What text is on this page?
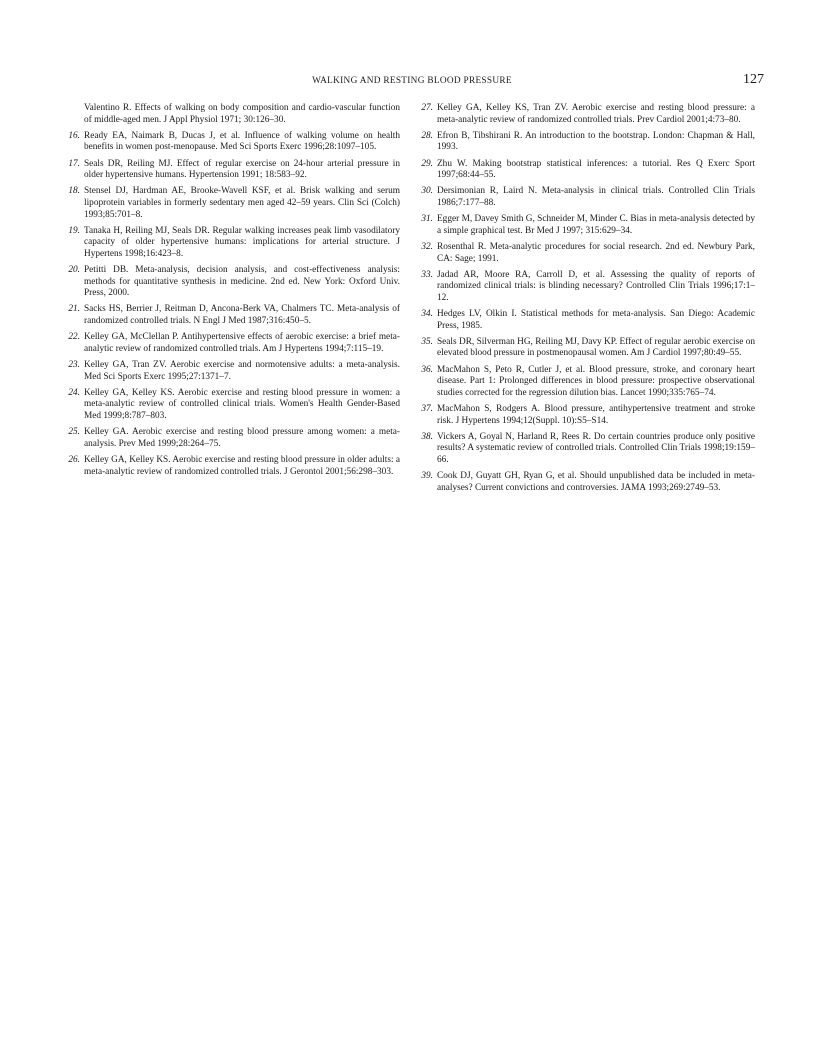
WALKING AND RESTING BLOOD PRESSURE	127
Valentino R. Effects of walking on body composition and cardio-vascular function of middle-aged men. J Appl Physiol 1971; 30:126–30.
16. Ready EA, Naimark B, Ducas J, et al. Influence of walking volume on health benefits in women post-menopause. Med Sci Sports Exerc 1996;28:1097–105.
17. Seals DR, Reiling MJ. Effect of regular exercise on 24-hour arterial pressure in older hypertensive humans. Hypertension 1991; 18:583–92.
18. Stensel DJ, Hardman AE, Brooke-Wavell KSF, et al. Brisk walking and serum lipoprotein variables in formerly sedentary men aged 42–59 years. Clin Sci (Colch) 1993;85:701–8.
19. Tanaka H, Reiling MJ, Seals DR. Regular walking increases peak limb vasodilatory capacity of older hypertensive humans: implications for arterial structure. J Hypertens 1998;16:423–8.
20. Petitti DB. Meta-analysis, decision analysis, and cost-effectiveness analysis: methods for quantitative synthesis in medicine. 2nd ed. New York: Oxford Univ. Press, 2000.
21. Sacks HS, Berrier J, Reitman D, Ancona-Berk VA, Chalmers TC. Meta-analysis of randomized controlled trials. N Engl J Med 1987;316:450–5.
22. Kelley GA, McClellan P. Antihypertensive effects of aerobic exercise: a brief meta-analytic review of randomized controlled trials. Am J Hypertens 1994;7:115–19.
23. Kelley GA, Tran ZV. Aerobic exercise and normotensive adults: a meta-analysis. Med Sci Sports Exerc 1995;27:1371–7.
24. Kelley GA, Kelley KS. Aerobic exercise and resting blood pressure in women: a meta-analytic review of controlled clinical trials. Women's Health Gender-Based Med 1999;8:787–803.
25. Kelley GA. Aerobic exercise and resting blood pressure among women: a meta-analysis. Prev Med 1999;28:264–75.
26. Kelley GA, Kelley KS. Aerobic exercise and resting blood pressure in older adults: a meta-analytic review of randomized controlled trials. J Gerontol 2001;56:298–303.
27. Kelley GA, Kelley KS, Tran ZV. Aerobic exercise and resting blood pressure: a meta-analytic review of randomized controlled trials. Prev Cardiol 2001;4:73–80.
28. Efron B, Tibshirani R. An introduction to the bootstrap. London: Chapman & Hall, 1993.
29. Zhu W. Making bootstrap statistical inferences: a tutorial. Res Q Exerc Sport 1997;68:44–55.
30. Dersimonian R, Laird N. Meta-analysis in clinical trials. Controlled Clin Trials 1986;7:177–88.
31. Egger M, Davey Smith G, Schneider M, Minder C. Bias in meta-analysis detected by a simple graphical test. Br Med J 1997; 315:629–34.
32. Rosenthal R. Meta-analytic procedures for social research. 2nd ed. Newbury Park, CA: Sage; 1991.
33. Jadad AR, Moore RA, Carroll D, et al. Assessing the quality of reports of randomized clinical trials: is blinding necessary? Controlled Clin Trials 1996;17:1–12.
34. Hedges LV, Olkin I. Statistical methods for meta-analysis. San Diego: Academic Press, 1985.
35. Seals DR, Silverman HG, Reiling MJ, Davy KP. Effect of regular aerobic exercise on elevated blood pressure in postmenopausal women. Am J Cardiol 1997;80:49–55.
36. MacMahon S, Peto R, Cutler J, et al. Blood pressure, stroke, and coronary heart disease. Part 1: Prolonged differences in blood pressure: prospective observational studies corrected for the regression dilution bias. Lancet 1990;335:765–74.
37. MacMahon S, Rodgers A. Blood pressure, antihypertensive treatment and stroke risk. J Hypertens 1994;12(Suppl. 10):S5–S14.
38. Vickers A, Goyal N, Harland R, Rees R. Do certain countries produce only positive results? A systematic review of controlled trials. Controlled Clin Trials 1998;19:159–66.
39. Cook DJ, Guyatt GH, Ryan G, et al. Should unpublished data be included in meta-analyses? Current convictions and controversies. JAMA 1993;269:2749–53.
